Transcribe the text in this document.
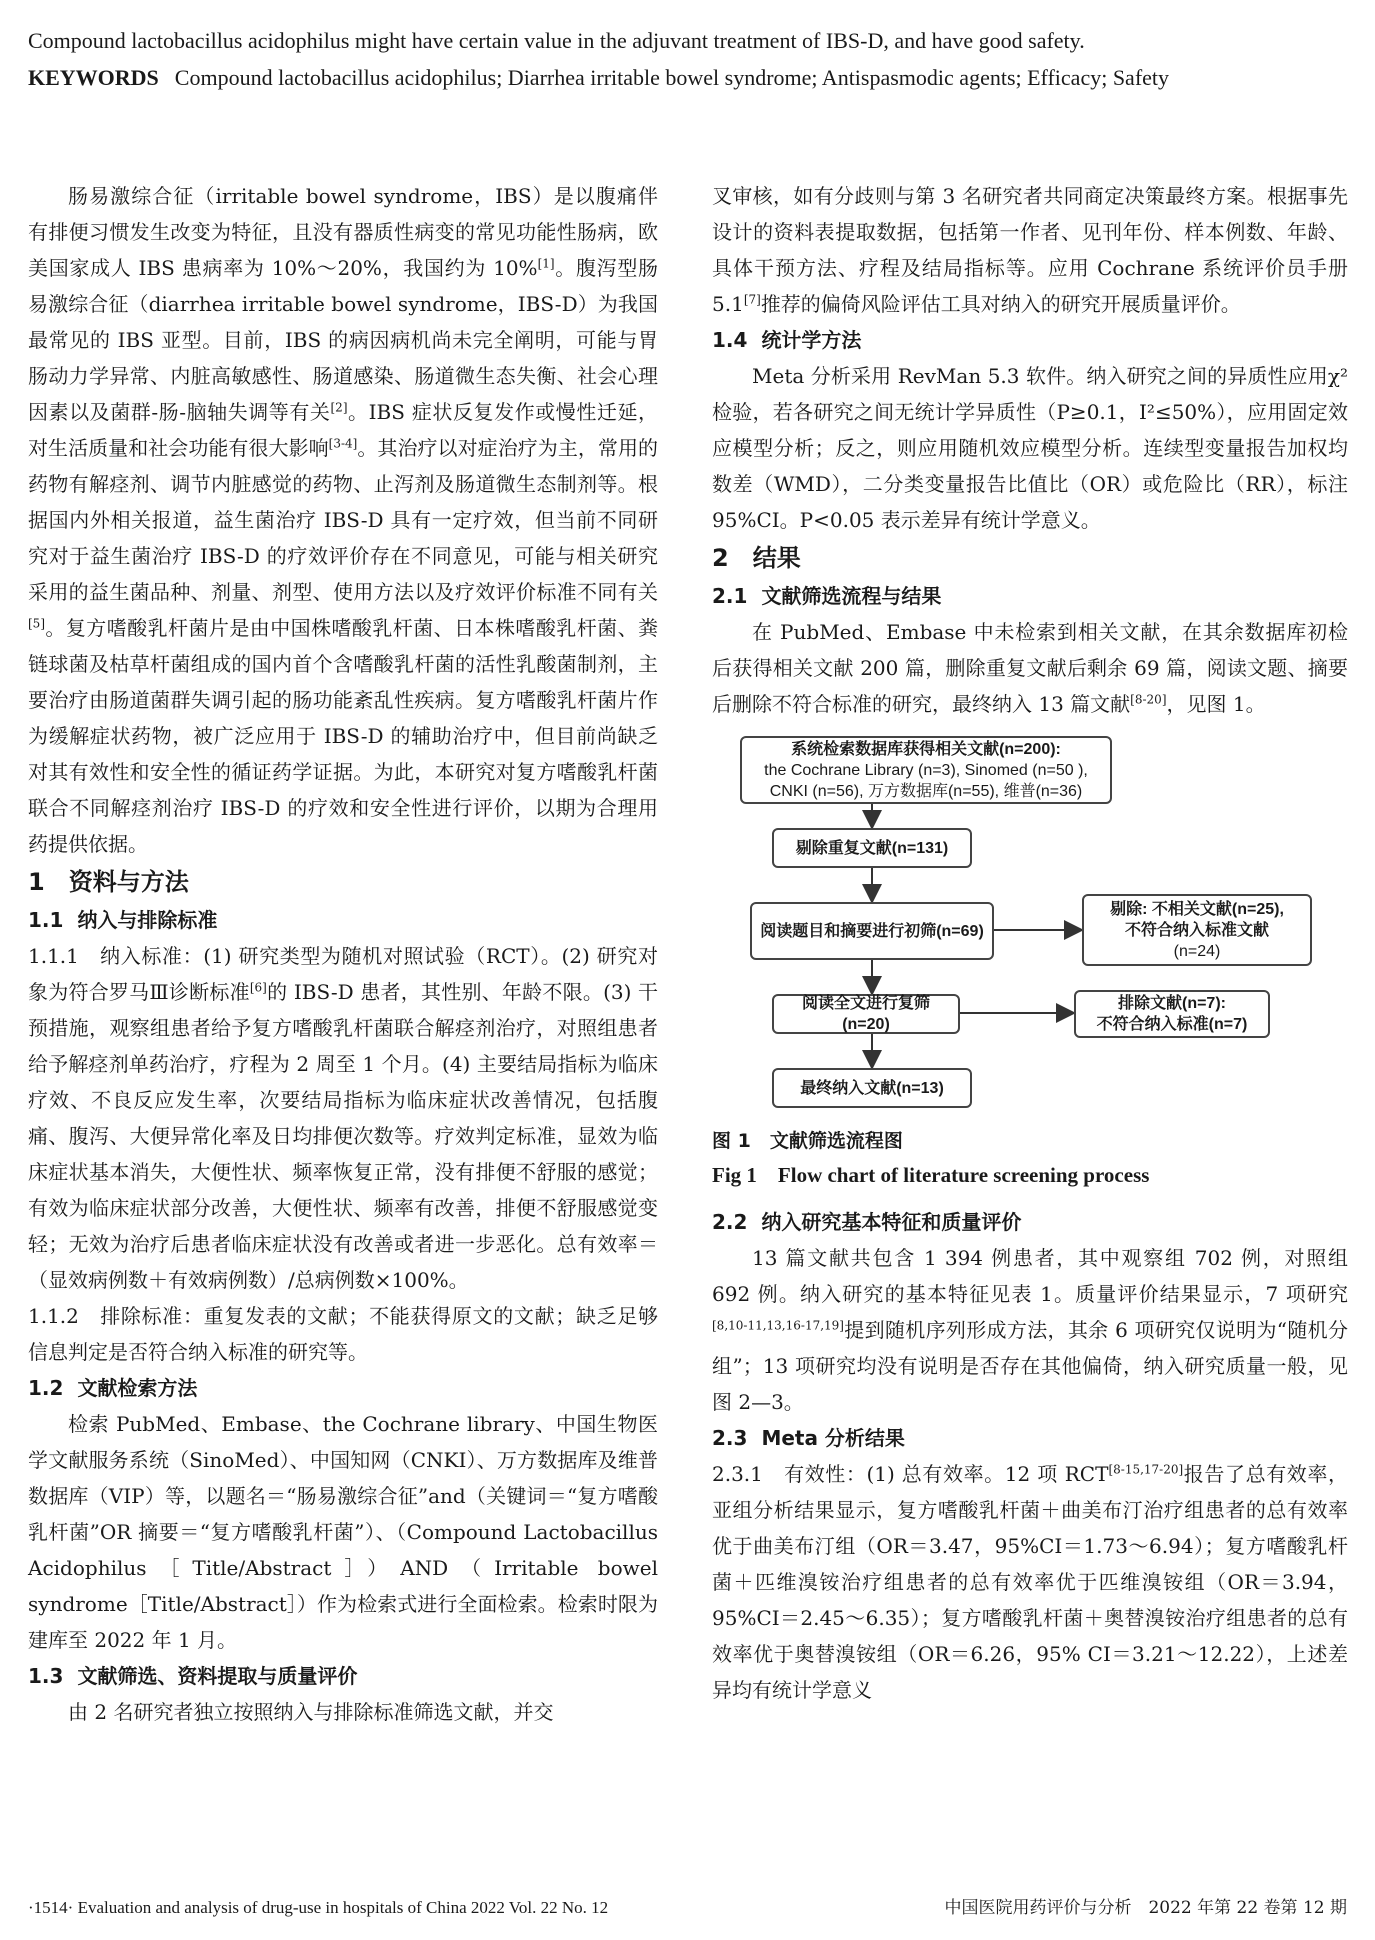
Compound lactobacillus acidophilus might have certain value in the adjuvant treatment of IBS-D, and have good safety.

KEYWORDS Compound lactobacillus acidophilus; Diarrhea irritable bowel syndrome; Antispasmodic agents; Efficacy; Safety

肠易激综合征（irritable bowel syndrome，IBS）是以腹痛伴有排便习惯发生改变为特征，且没有器质性病变的常见功能性肠病，欧美国家成人 IBS 患病率为 10%～20%，我国约为 10%[1]。腹泻型肠易激综合征（diarrhea irritable bowel syndrome，IBS-D）为我国最常见的 IBS 亚型。目前，IBS 的病因病机尚未完全阐明，可能与胃肠动力学异常、内脏高敏感性、肠道感染、肠道微生态失衡、社会心理因素以及菌群-肠-脑轴失调等有关[2]。IBS 症状反复发作或慢性迁延，对生活质量和社会功能有很大影响[3-4]。其治疗以对症治疗为主，常用的药物有解痉剂、调节内脏感觉的药物、止泻剂及肠道微生态制剂等。根据国内外相关报道，益生菌治疗 IBS-D 具有一定疗效，但当前不同研究对于益生菌治疗 IBS-D 的疗效评价存在不同意见，可能与相关研究采用的益生菌品种、剂量、剂型、使用方法以及疗效评价标准不同有关[5]。复方嗜酸乳杆菌片是由中国株嗜酸乳杆菌、日本株嗜酸乳杆菌、粪链球菌及枯草杆菌组成的国内首个含嗜酸乳杆菌的活性乳酸菌制剂，主要治疗由肠道菌群失调引起的肠功能紊乱性疾病。复方嗜酸乳杆菌片作为缓解症状药物，被广泛应用于 IBS-D 的辅助治疗中，但目前尚缺乏对其有效性和安全性的循证药学证据。为此，本研究对复方嗜酸乳杆菌联合不同解痉剂治疗 IBS-D 的疗效和安全性进行评价，以期为合理用药提供依据。

1　 资料与方法

1.1 纳入与排除标准

1.1.1　纳入标准：(1) 研究类型为随机对照试验（RCT）。(2) 研究对象为符合罗马Ⅲ诊断标准[6]的 IBS-D 患者，其性别、年龄不限。(3) 干预措施，观察组患者给予复方嗜酸乳杆菌联合解痉剂治疗，对照组患者给予解痉剂单药治疗，疗程为 2 周至 1 个月。(4) 主要结局指标为临床疗效、不良反应发生率，次要结局指标为临床症状改善情况，包括腹痛、腹泻、大便异常化率及日均排便次数等。疗效判定标准，显效为临床症状基本消失，大便性状、频率恢复正常，没有排便不舒服的感觉；有效为临床症状部分改善，大便性状、频率有改善，排便不舒服感觉变轻；无效为治疗后患者临床症状没有改善或者进一步恶化。总有效率＝（显效病例数＋有效病例数）/总病例数×100%。

1.1.2　排除标准：重复发表的文献；不能获得原文的文献；缺乏足够信息判定是否符合纳入标准的研究等。

1.2 文献检索方法

检索 PubMed、Embase、the Cochrane library、中国生物医学文献服务系统（SinoMed）、中国知网（CNKI）、万方数据库及维普数据库（VIP）等，以题名＝“肠易激综合征”and（关键词＝“复方嗜酸乳杆菌”OR 摘要＝“复方嗜酸乳杆菌”）、（Compound Lactobacillus Acidophilus［Title/Abstract］）AND（Irritable bowel syndrome［Title/Abstract］）作为检索式进行全面检索。检索时限为建库至 2022 年 1 月。

1.3 文献筛选、资料提取与质量评价

由 2 名研究者独立按照纳入与排除标准筛选文献，并交

叉审核，如有分歧则与第 3 名研究者共同商定决策最终方案。根据事先设计的资料表提取数据，包括第一作者、见刊年份、样本例数、年龄、具体干预方法、疗程及结局指标等。应用 Cochrane 系统评价员手册 5.1[7]推荐的偏倚风险评估工具对纳入的研究开展质量评价。

1.4 统计学方法

Meta 分析采用 RevMan 5.3 软件。纳入研究之间的异质性应用χ² 检验，若各研究之间无统计学异质性（P≥0.1，I²≤50%），应用固定效应模型分析；反之，则应用随机效应模型分析。连续型变量报告加权均数差（WMD），二分类变量报告比值比（OR）或危险比（RR），标注 95%CI。P<0.05 表示差异有统计学意义。

2　 结果

2.1 文献筛选流程与结果

在 PubMed、Embase 中未检索到相关文献，在其余数据库初检后获得相关文献 200 篇，删除重复文献后剩余 69 篇，阅读文题、摘要后删除不符合标准的研究，最终纳入 13 篇文献[8-20]，见图 1。

系统检索数据库获得相关文献(n=200):
the Cochrane Library (n=3), Sinomed (n=50 ),
CNKI (n=56), 万方数据库(n=55), 维普(n=36)
剔除重复文献(n=131)
阅读题目和摘要进行初筛(n=69)
剔除: 不相关文献(n=25),
不符合纳入标准文献
(n=24)
阅读全文进行复筛(n=20)
排除文献(n=7):
不符合纳入标准(n=7)
最终纳入文献(n=13)

图 1　文献筛选流程图

Fig 1　Flow chart of literature screening process

2.2 纳入研究基本特征和质量评价

13 篇文献共包含 1 394 例患者，其中观察组 702 例，对照组 692 例。纳入研究的基本特征见表 1。质量评价结果显示，7 项研究[8,10-11,13,16-17,19]提到随机序列形成方法，其余 6 项研究仅说明为“随机分组”；13 项研究均没有说明是否存在其他偏倚，纳入研究质量一般，见图 2—3。

2.3 Meta 分析结果

2.3.1　有效性：(1) 总有效率。12 项 RCT[8-15,17-20]报告了总有效率，亚组分析结果显示，复方嗜酸乳杆菌＋曲美布汀治疗组患者的总有效率优于曲美布汀组（OR＝3.47，95%CI＝1.73～6.94）；复方嗜酸乳杆菌＋匹维溴铵治疗组患者的总有效率优于匹维溴铵组（OR＝3.94，95%CI＝2.45～6.35）；复方嗜酸乳杆菌＋奥替溴铵治疗组患者的总有效率优于奥替溴铵组（OR＝6.26，95% CI＝3.21～12.22），上述差异均有统计学意义

·1514· Evaluation and analysis of drug-use in hospitals of China 2022 Vol. 22 No. 12	中国医院用药评价与分析　2022 年第 22 卷第 12 期
